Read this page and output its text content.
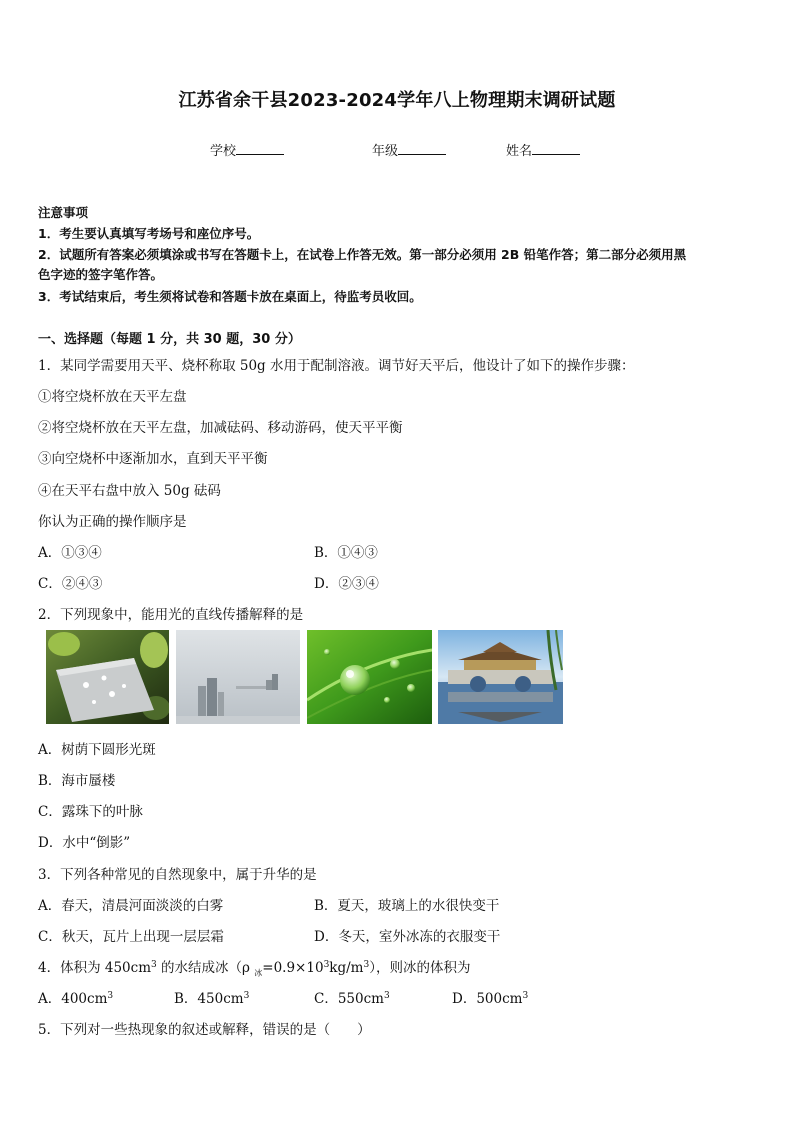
江苏省余干县2023-2024学年八上物理期末调研试题
学校	年级	姓名
注意事项
1．考生要认真填写考场号和座位序号。
2．试题所有答案必须填涂或书写在答题卡上，在试卷上作答无效。第一部分必须用 2B 铅笔作答；第二部分必须用黑
色字迹的签字笔作答。
3．考试结束后，考生须将试卷和答题卡放在桌面上，待监考员收回。
一、选择题（每题 1 分，共 30 题，30 分）
1．某同学需要用天平、烧杯称取 50g 水用于配制溶液。调节好天平后，他设计了如下的操作步骤：
①将空烧杯放在天平左盘
②将空烧杯放在天平左盘，加减砝码、移动游码，使天平平衡
③向空烧杯中逐渐加水，直到天平平衡
④在天平右盘中放入 50g 砝码
你认为正确的操作顺序是
A．①③④	B．①④③
C．②④③	D．②③④
2．下列现象中，能用光的直线传播解释的是
A．树荫下圆形光斑
B．海市蜃楼
C．露珠下的叶脉
D．水中“倒影”
3．下列各种常见的自然现象中，属于升华的是
A．春天，清晨河面淡淡的白雾	B．夏天，玻璃上的水很快变干
C．秋天，瓦片上出现一层层霜	D．冬天，室外冰冻的衣服变干
4．体积为 $450cm^3$ 的水结成冰（ρ $_冰=0.9\times 10^3kg/m^3$），则冰的体积为
A．$400cm^3$	B．$450cm^3$	C．$550cm^3$	D．$500cm^3$
5．下列对一些热现象的叙述或解释，错误的是（　　）
